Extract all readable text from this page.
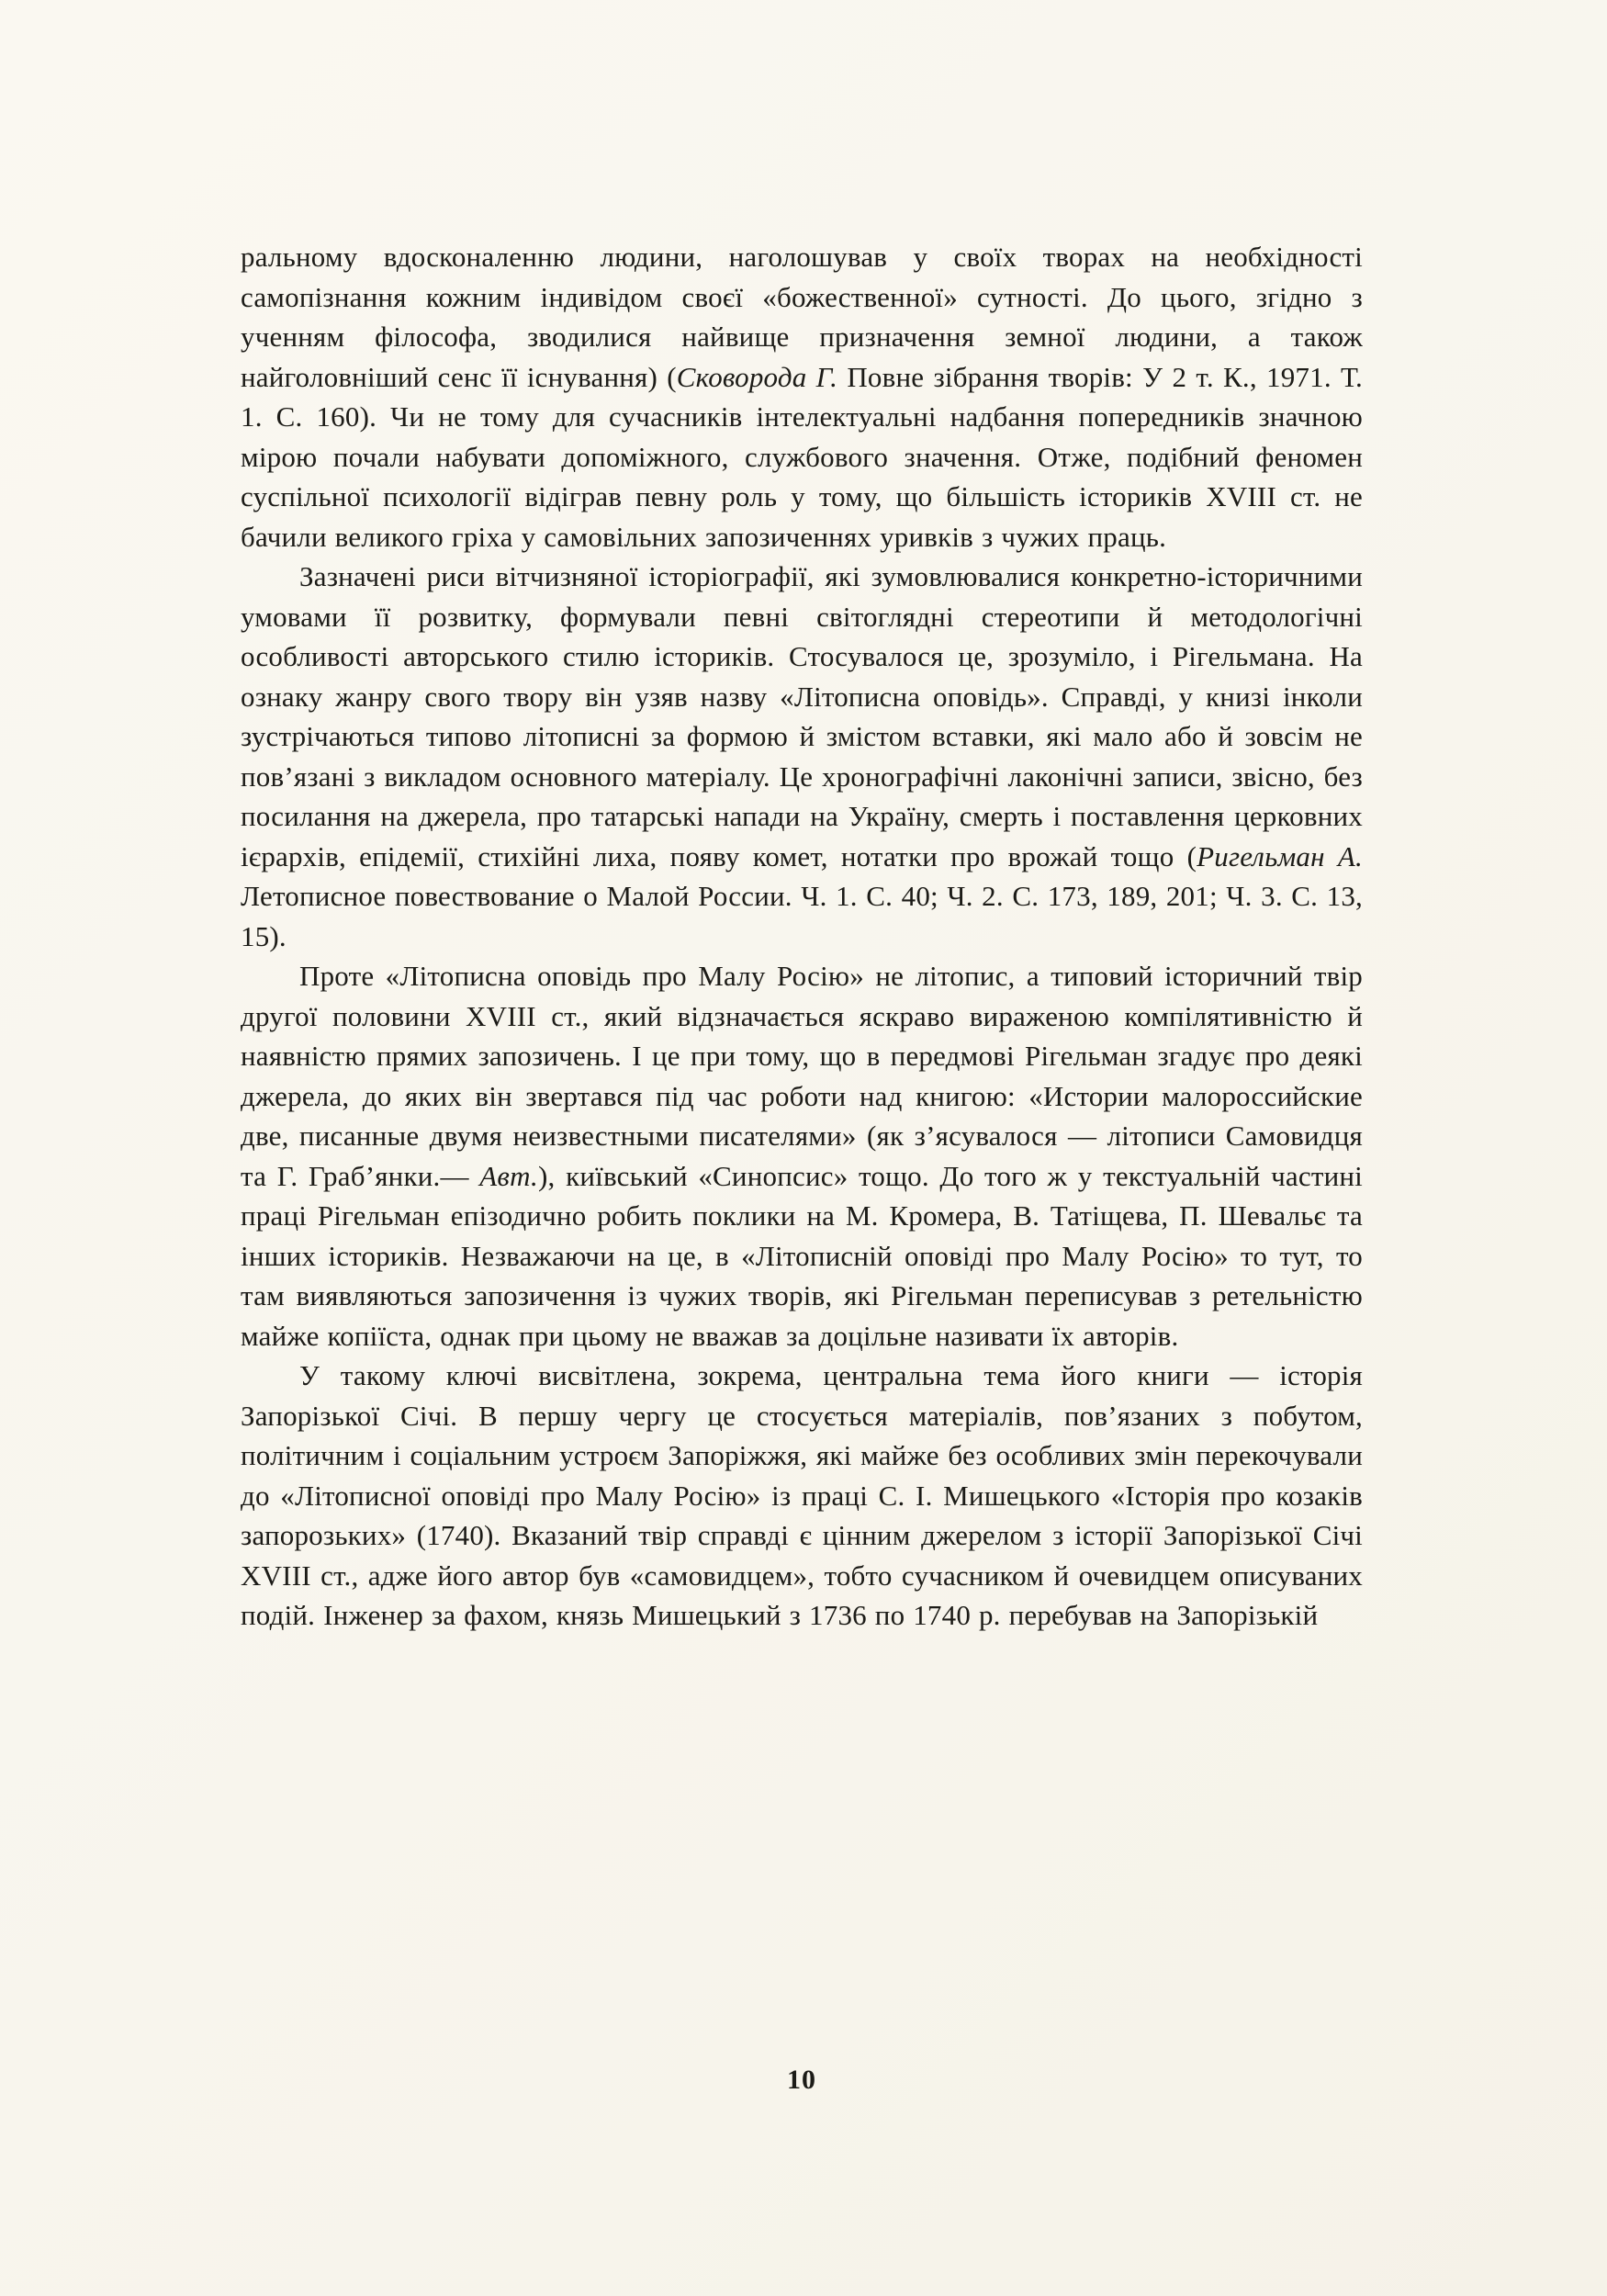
ральному вдосконаленню людини, наголошував у своїх творах на необхідності самопізнання кожним індивідом своєї «божественної» сутності. До цього, згідно з ученням філософа, зводилися найвище призначення земної людини, а також найголовніший сенс її існування) (Сковорода Г. Повне зібрання творів: У 2 т. К., 1971. Т. 1. С. 160). Чи не тому для сучасників інтелектуальні надбання попередників значною мірою почали набувати допоміжного, службового значення. Отже, подібний феномен суспільної психології відіграв певну роль у тому, що більшість істориків XVIII ст. не бачили великого гріха у самовільних запозиченнях уривків з чужих праць.

Зазначені риси вітчизняної історіографії, які зумовлювалися конкретно-історичними умовами її розвитку, формували певні світоглядні стереотипи й методологічні особливості авторського стилю істориків. Стосувалося це, зрозуміло, і Рігельмана. На ознаку жанру свого твору він узяв назву «Літописна оповідь». Справді, у книзі інколи зустрічаються типово літописні за формою й змістом вставки, які мало або й зовсім не пов’язані з викладом основного матеріалу. Це хронографічні лаконічні записи, звісно, без посилання на джерела, про татарські напади на Україну, смерть і поставлення церковних ієрархів, епідемії, стихійні лиха, появу комет, нотатки про врожай тощо (Ригельман А. Летописное повествование о Малой России. Ч. 1. С. 40; Ч. 2. С. 173, 189, 201; Ч. 3. С. 13, 15).

Проте «Літописна оповідь про Малу Росію» не літопис, а типовий історичний твір другої половини XVIII ст., який відзначається яскраво вираженою компілятивністю й наявністю прямих запозичень. І це при тому, що в передмові Рігельман згадує про деякі джерела, до яких він звертався під час роботи над книгою: «Истории малороссийские две, писанные двумя неизвестными писателями» (як з’ясувалося — літописи Самовидця та Г. Граб’янки.— Авт.), київський «Синопсис» тощо. До того ж у текстуальній частині праці Рігельман епізодично робить поклики на М. Кромера, В. Татіщева, П. Шевальє та інших істориків. Незважаючи на це, в «Літописній оповіді про Малу Росію» то тут, то там виявляються запозичення із чужих творів, які Рігельман переписував з ретельністю майже копіїста, однак при цьому не вважав за доцільне називати їх авторів.

У такому ключі висвітлена, зокрема, центральна тема його книги — історія Запорізької Січі. В першу чергу це стосується матеріалів, пов’язаних з побутом, політичним і соціальним устроєм Запоріжжя, які майже без особливих змін перекочували до «Літописної оповіді про Малу Росію» із праці С. І. Мишецького «Історія про козаків запорозьких» (1740). Вказаний твір справді є цінним джерелом з історії Запорізької Січі XVIII ст., адже його автор був «самовидцем», тобто сучасником й очевидцем описуваних подій. Інженер за фахом, князь Мишецький з 1736 по 1740 р. перебував на Запорізькій

10
